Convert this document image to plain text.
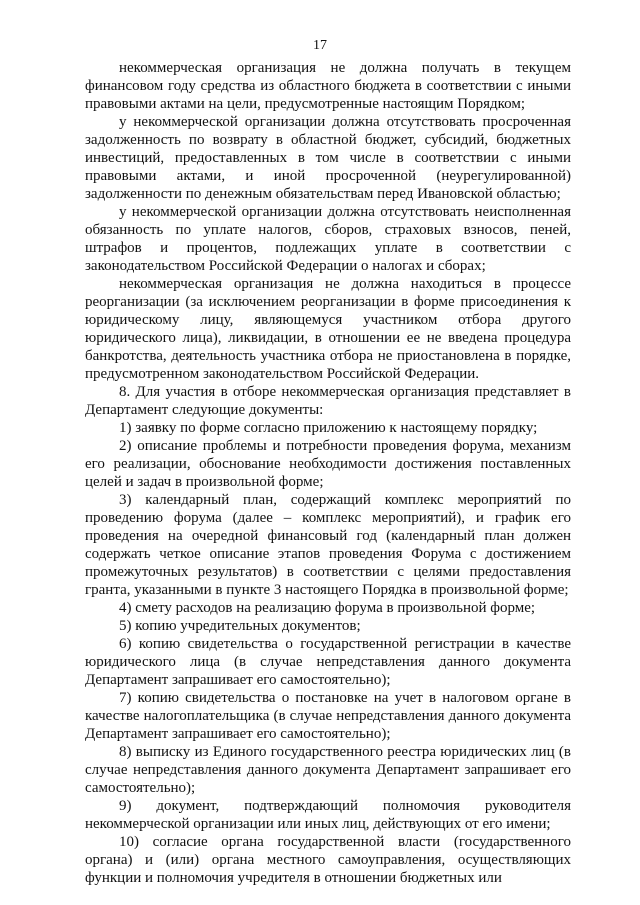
17

некоммерческая организация не должна получать в текущем финансовом году средства из областного бюджета в соответствии с иными правовыми актами на цели, предусмотренные настоящим Порядком;

у некоммерческой организации должна отсутствовать просроченная задолженность по возврату в областной бюджет, субсидий, бюджетных инвестиций, предоставленных в том числе в соответствии с иными правовыми актами, и иной просроченной (неурегулированной) задолженности по денежным обязательствам перед Ивановской областью;

у некоммерческой организации должна отсутствовать неисполненная обязанность по уплате налогов, сборов, страховых взносов, пеней, штрафов и процентов, подлежащих уплате в соответствии с законодательством Российской Федерации о налогах и сборах;

некоммерческая организация не должна находиться в процессе реорганизации (за исключением реорганизации в форме присоединения к юридическому лицу, являющемуся участником отбора другого юридического лица), ликвидации, в отношении ее не введена процедура банкротства, деятельность участника отбора не приостановлена в порядке, предусмотренном законодательством Российской Федерации.

8. Для участия в отборе некоммерческая организация представляет в Департамент следующие документы:

1) заявку по форме согласно приложению к настоящему порядку;

2) описание проблемы и потребности проведения форума, механизм его реализации, обоснование необходимости достижения поставленных целей и задач в произвольной форме;

3) календарный план, содержащий комплекс мероприятий по проведению форума (далее – комплекс мероприятий), и график его проведения на очередной финансовый год (календарный план должен содержать четкое описание этапов проведения Форума с достижением промежуточных результатов) в соответствии с целями предоставления гранта, указанными в пункте 3 настоящего Порядка в произвольной форме;

4) смету расходов на реализацию форума в произвольной форме;

5) копию учредительных документов;

6) копию свидетельства о государственной регистрации в качестве юридического лица (в случае непредставления данного документа Департамент запрашивает его самостоятельно);

7) копию свидетельства о постановке на учет в налоговом органе в качестве налогоплательщика (в случае непредставления данного документа Департамент запрашивает его самостоятельно);

8) выписку из Единого государственного реестра юридических лиц (в случае непредставления данного документа Департамент запрашивает его самостоятельно);

9) документ, подтверждающий полномочия руководителя некоммерческой организации или иных лиц, действующих от его имени;

10) согласие органа государственной власти (государственного органа) и (или) органа местного самоуправления, осуществляющих функции и полномочия учредителя в отношении бюджетных или
